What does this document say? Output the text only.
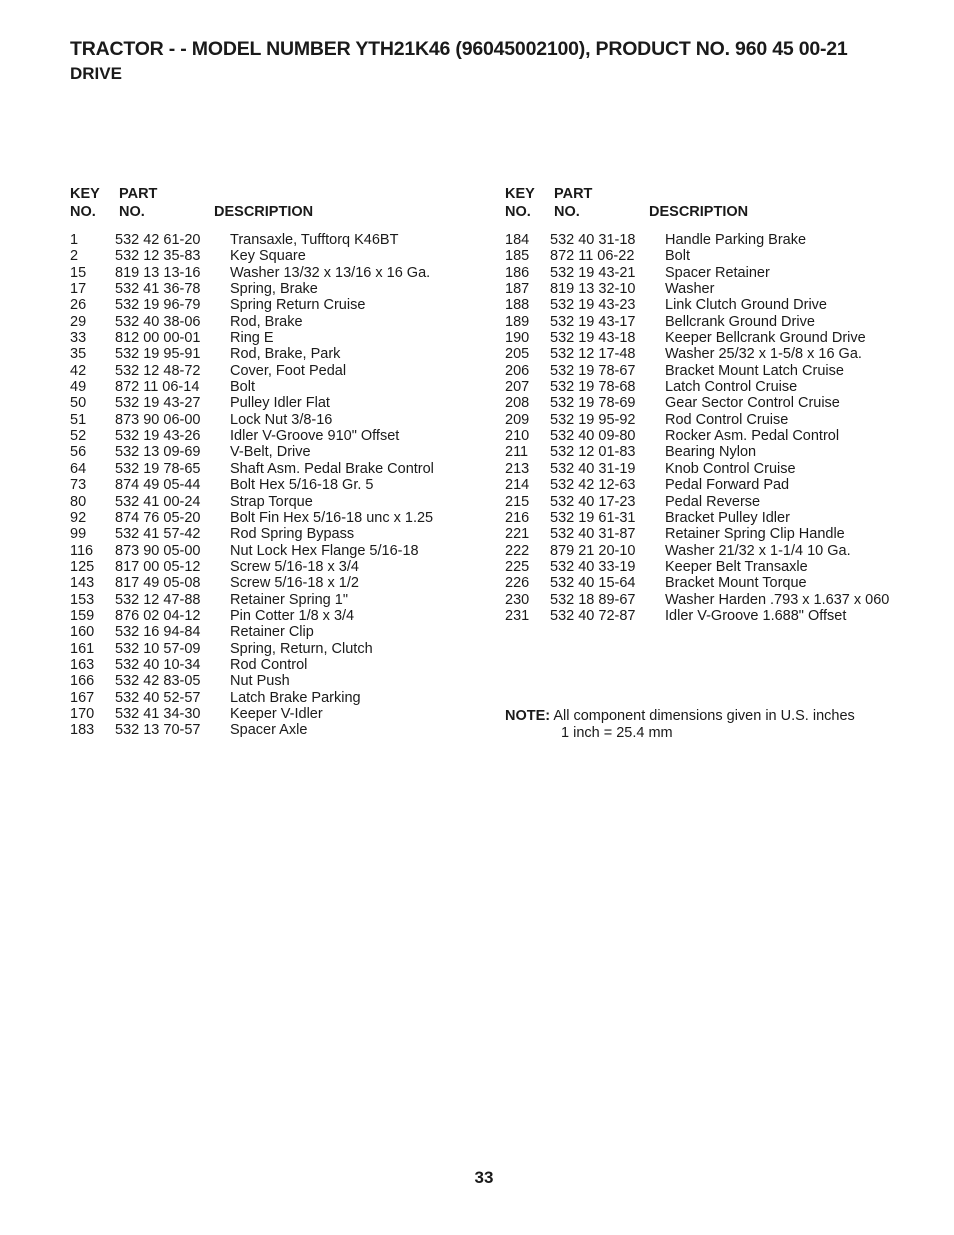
TRACTOR - - MODEL NUMBER YTH21K46 (96045002100), PRODUCT NO. 960 45 00-21
DRIVE
KEY
NO.
PART
NO.	DESCRIPTION
1	532 42 61-20 Transaxle, Tufftorq K46BT
2	532 12 35-83 Key Square
15 819 13 13-16 Washer 13/32 x 13/16 x 16 Ga.
17 532 41 36-78 Spring, Brake
26 532 19 96-79 Spring Return Cruise
29 532 40 38-06 Rod, Brake
33 812 00 00-01 Ring E
35 532 19 95-91 Rod, Brake, Park
42 532 12 48-72 Cover, Foot Pedal
49 872 11 06-14 Bolt
50 532 19 43-27 Pulley Idler Flat
51 873 90 06-00 Lock Nut 3/8-16
52 532 19 43-26 Idler V-Groove 910" Offset
56 532 13 09-69 V-Belt, Drive
64 532 19 78-65 Shaft Asm. Pedal Brake Control
73 874 49 05-44 Bolt Hex 5/16-18 Gr. 5
80 532 41 00-24 Strap Torque
92 874 76 05-20 Bolt Fin Hex 5/16-18 unc x 1.25
99 532 41 57-42 Rod Spring Bypass
116 873 90 05-00 Nut Lock Hex Flange 5/16-18
125 817 00 05-12 Screw 5/16-18 x 3/4
143 817 49 05-08 Screw 5/16-18 x 1/2
153 532 12 47-88 Retainer Spring 1"
159 876 02 04-12 Pin Cotter 1/8 x 3/4
160 532 16 94-84 Retainer Clip
161 532 10 57-09 Spring, Return, Clutch
163 532 40 10-34 Rod Control
166 532 42 83-05 Nut Push
167 532 40 52-57 Latch Brake Parking
170 532 41 34-30 Keeper V-Idler
183 532 13 70-57 Spacer Axle
KEY
NO.
PART
NO.	DESCRIPTION
184 532 40 31-18 Handle Parking Brake
185 872 11 06-22 Bolt
186 532 19 43-21 Spacer Retainer
187 819 13 32-10 Washer
188 532 19 43-23 Link Clutch Ground Drive
189 532 19 43-17 Bellcrank Ground Drive
190 532 19 43-18 Keeper Bellcrank Ground Drive
205 532 12 17-48 Washer 25/32 x 1-5/8 x 16 Ga.
206 532 19 78-67 Bracket Mount Latch Cruise
207 532 19 78-68 Latch Control Cruise
208 532 19 78-69 Gear Sector Control Cruise
209 532 19 95-92 Rod Control Cruise
210 532 40 09-80 Rocker Asm. Pedal Control
211 532 12 01-83 Bearing Nylon
213 532 40 31-19 Knob Control Cruise
214 532 42 12-63 Pedal Forward Pad
215 532 40 17-23 Pedal Reverse
216 532 19 61-31 Bracket Pulley Idler
221 532 40 31-87 Retainer Spring Clip Handle
222 879 21 20-10 Washer 21/32 x 1-1/4 10 Ga.
225 532 40 33-19 Keeper Belt Transaxle
226 532 40 15-64 Bracket Mount Torque
230 532 18 89-67 Washer Harden .793 x 1.637 x 060
231 532 40 72-87 Idler V-Groove 1.688" Offset
NOTE: All component dimensions given in U.S. inches
1 inch = 25.4 mm
33
